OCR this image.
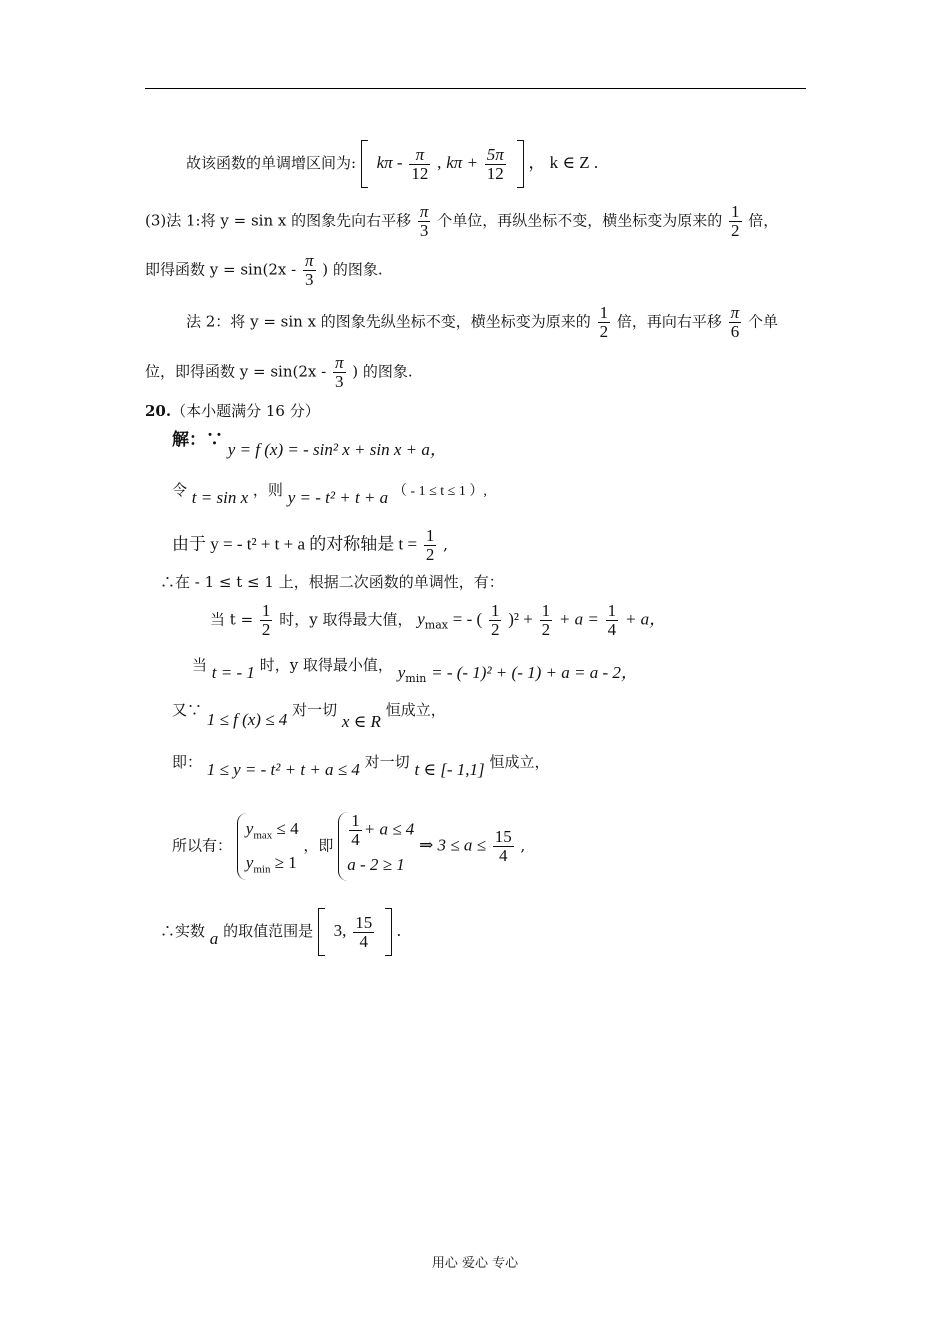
故该函数的单调增区间为: kπ - $\frac{\pi}{12}$ , $k\pi + \frac{5\pi}{12}$ ， k ∈ Z .
(3)法 1:将 y = sin x 的图象先向右平移 $\frac{\pi}{3}$ 个单位，再纵坐标不变，横坐标变为原来的 $\frac{1}{2}$ 倍，
即得函数 $y = \sin(2x - \frac{\pi}{3}$ ) 的图象.
法 2：将 y = sin x 的图象先纵坐标不变，横坐标变为原来的 $\frac{1}{2}$ 倍，再向右平移 $\frac{\pi}{6}$ 个单
位，即得函数 $y = \sin(2x - \frac{\pi}{3}$ ) 的图象.
20.（本小题满分 16 分）
解：∵ y = f (x) = - sin² x + sin x + a，
令 t = sin x ，则 y = - t² + t + a （ - 1 ≤ t ≤ 1 ）,
由于 y = - t² + t + a 的对称轴是 $t = \frac{1}{2}$ ,
∴在 - 1 ≤ t ≤ 1 上，根据二次函数的单调性，有：
当 $t = \frac{1}{2}$ 时，y 取得最大值， $y_{max}$ = - ( $\frac{1}{2} )^2 + \frac{1}{2} + a = \frac{1}{4} + a$，
当 t = - 1 时，y 取得最小值， $y_{min}$ = - (- 1)² + (- 1) + a = a - 2，
又∵ 1 ≤ f (x) ≤ 4 对一切 x ∈ R 恒成立，
即： 1 ≤ y = - t² + t + a ≤ 4 对一切 t ∈ [- 1,1] 恒成立，
所以有：
$y_{max} \le 4$
$y_{min} \ge 1$
，即 $\frac{1}{4} + a \le 4$
a - 2 ≥ 1
⇒ $3 \le a \le \frac{15}{4}$ ,
∴实数 a 的取值范围是 3, $\frac{15}{4}$ .
用心 爱心 专心
